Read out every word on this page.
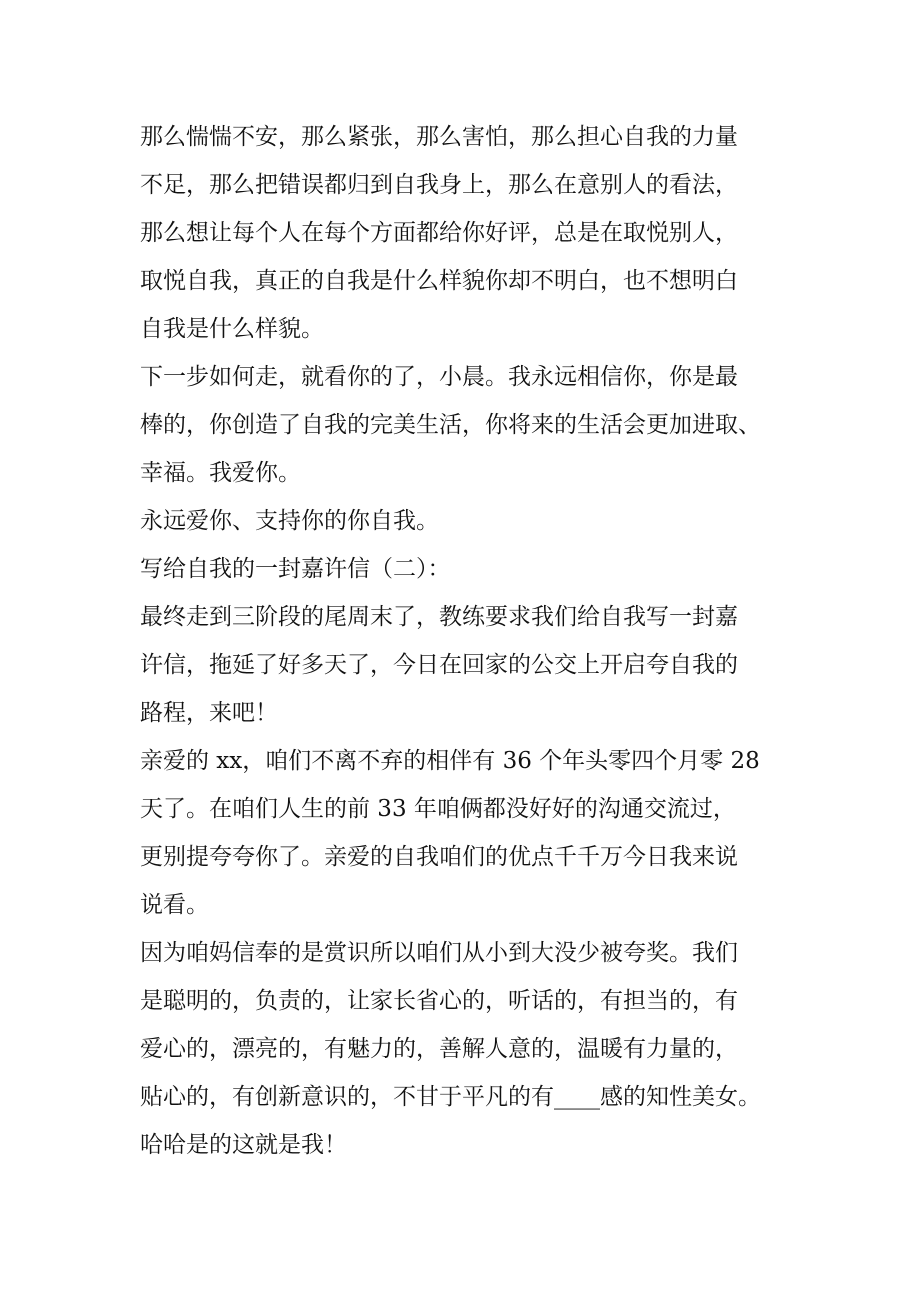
那么惴惴不安，那么紧张，那么害怕，那么担心自我的力量
不足，那么把错误都归到自我身上，那么在意别人的看法，
那么想让每个人在每个方面都给你好评，总是在取悦别人，
取悦自我，真正的自我是什么样貌你却不明白，也不想明白
自我是什么样貌。

下一步如何走，就看你的了，小晨。我永远相信你，你是最
棒的，你创造了自我的完美生活，你将来的生活会更加进取、
幸福。我爱你。

永远爱你、支持你的你自我。

写给自我的一封嘉许信（二）：

最终走到三阶段的尾周末了，教练要求我们给自我写一封嘉
许信，拖延了好多天了，今日在回家的公交上开启夸自我的
路程，来吧！

亲爱的 xx，咱们不离不弃的相伴有 36 个年头零四个月零 28
天了。在咱们人生的前 33 年咱俩都没好好的沟通交流过，
更别提夸夸你了。亲爱的自我咱们的优点千千万今日我来说
说看。

因为咱妈信奉的是赏识所以咱们从小到大没少被夸奖。我们
是聪明的，负责的，让家长省心的，听话的，有担当的，有
爱心的，漂亮的，有魅力的，善解人意的，温暖有力量的，
贴心的，有创新意识的，不甘于平凡的有____感的知性美女。
哈哈是的这就是我！
